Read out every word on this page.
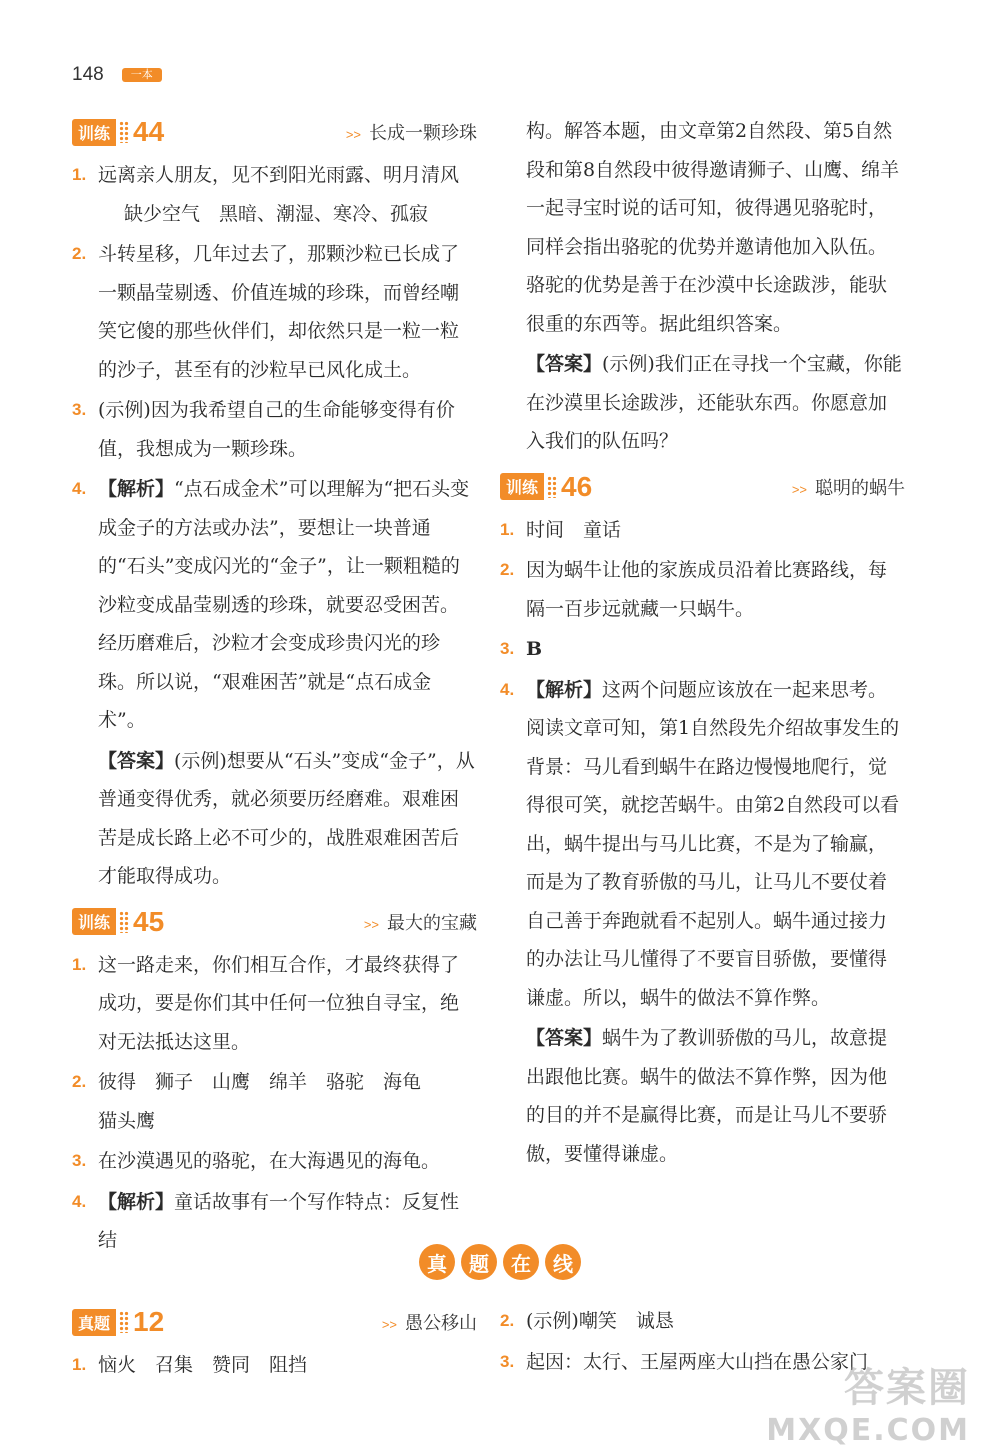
148	一本
训练 44	>> 长成一颗珍珠
1. 远离亲人朋友，见不到阳光雨露、明月清风
缺少空气　黑暗、潮湿、寒冷、孤寂
2. 斗转星移，几年过去了，那颗沙粒已长成了一颗晶莹剔透、价值连城的珍珠，而曾经嘲笑它傻的那些伙伴们，却依然只是一粒一粒的沙子，甚至有的沙粒早已风化成土。
3. (示例)因为我希望自己的生命能够变得有价值，我想成为一颗珍珠。
4. 【解析】“点石成金术”可以理解为“把石头变成金子的方法或办法”，要想让一块普通的“石头”变成闪光的“金子”，让一颗粗糙的沙粒变成晶莹剔透的珍珠，就要忍受困苦。经历磨难后，沙粒才会变成珍贵闪光的珍珠。所以说，“艰难困苦”就是“点石成金术”。
【答案】(示例)想要从“石头”变成“金子”，从普通变得优秀，就必须要历经磨难。艰难困苦是成长路上必不可少的，战胜艰难困苦后才能取得成功。
训练 45	>> 最大的宝藏
1. 这一路走来，你们相互合作，才最终获得了成功，要是你们其中任何一位独自寻宝，绝对无法抵达这里。
2. 彼得　狮子　山鹰　绵羊　骆驼　海龟
猫头鹰
3. 在沙漠遇见的骆驼，在大海遇见的海龟。
4. 【解析】童话故事有一个写作特点：反复性结
构。解答本题，由文章第2自然段、第5自然段和第8自然段中彼得邀请狮子、山鹰、绵羊一起寻宝时说的话可知，彼得遇见骆驼时，同样会指出骆驼的优势并邀请他加入队伍。骆驼的优势是善于在沙漠中长途跋涉，能驮很重的东西等。据此组织答案。
【答案】(示例)我们正在寻找一个宝藏，你能在沙漠里长途跋涉，还能驮东西。你愿意加入我们的队伍吗？
训练 46	>> 聪明的蜗牛
1. 时间　童话
2. 因为蜗牛让他的家族成员沿着比赛路线，每隔一百步远就藏一只蜗牛。
3. B
4. 【解析】这两个问题应该放在一起来思考。阅读文章可知，第1自然段先介绍故事发生的背景：马儿看到蜗牛在路边慢慢地爬行，觉得很可笑，就挖苦蜗牛。由第2自然段可以看出，蜗牛提出与马儿比赛，不是为了输赢，而是为了教育骄傲的马儿，让马儿不要仗着自己善于奔跑就看不起别人。蜗牛通过接力的办法让马儿懂得了不要盲目骄傲，要懂得谦虚。所以，蜗牛的做法不算作弊。
【答案】蜗牛为了教训骄傲的马儿，故意提出跟他比赛。蜗牛的做法不算作弊，因为他的目的并不是赢得比赛，而是让马儿不要骄傲，要懂得谦虚。
真	题	在	线
真题 12	>> 愚公移山
1. 恼火　召集　赞同　阻挡
2. (示例)嘲笑　诚恳
3. 起因：太行、王屋两座大山挡在愚公家门
答案圈
MXQE.COM
